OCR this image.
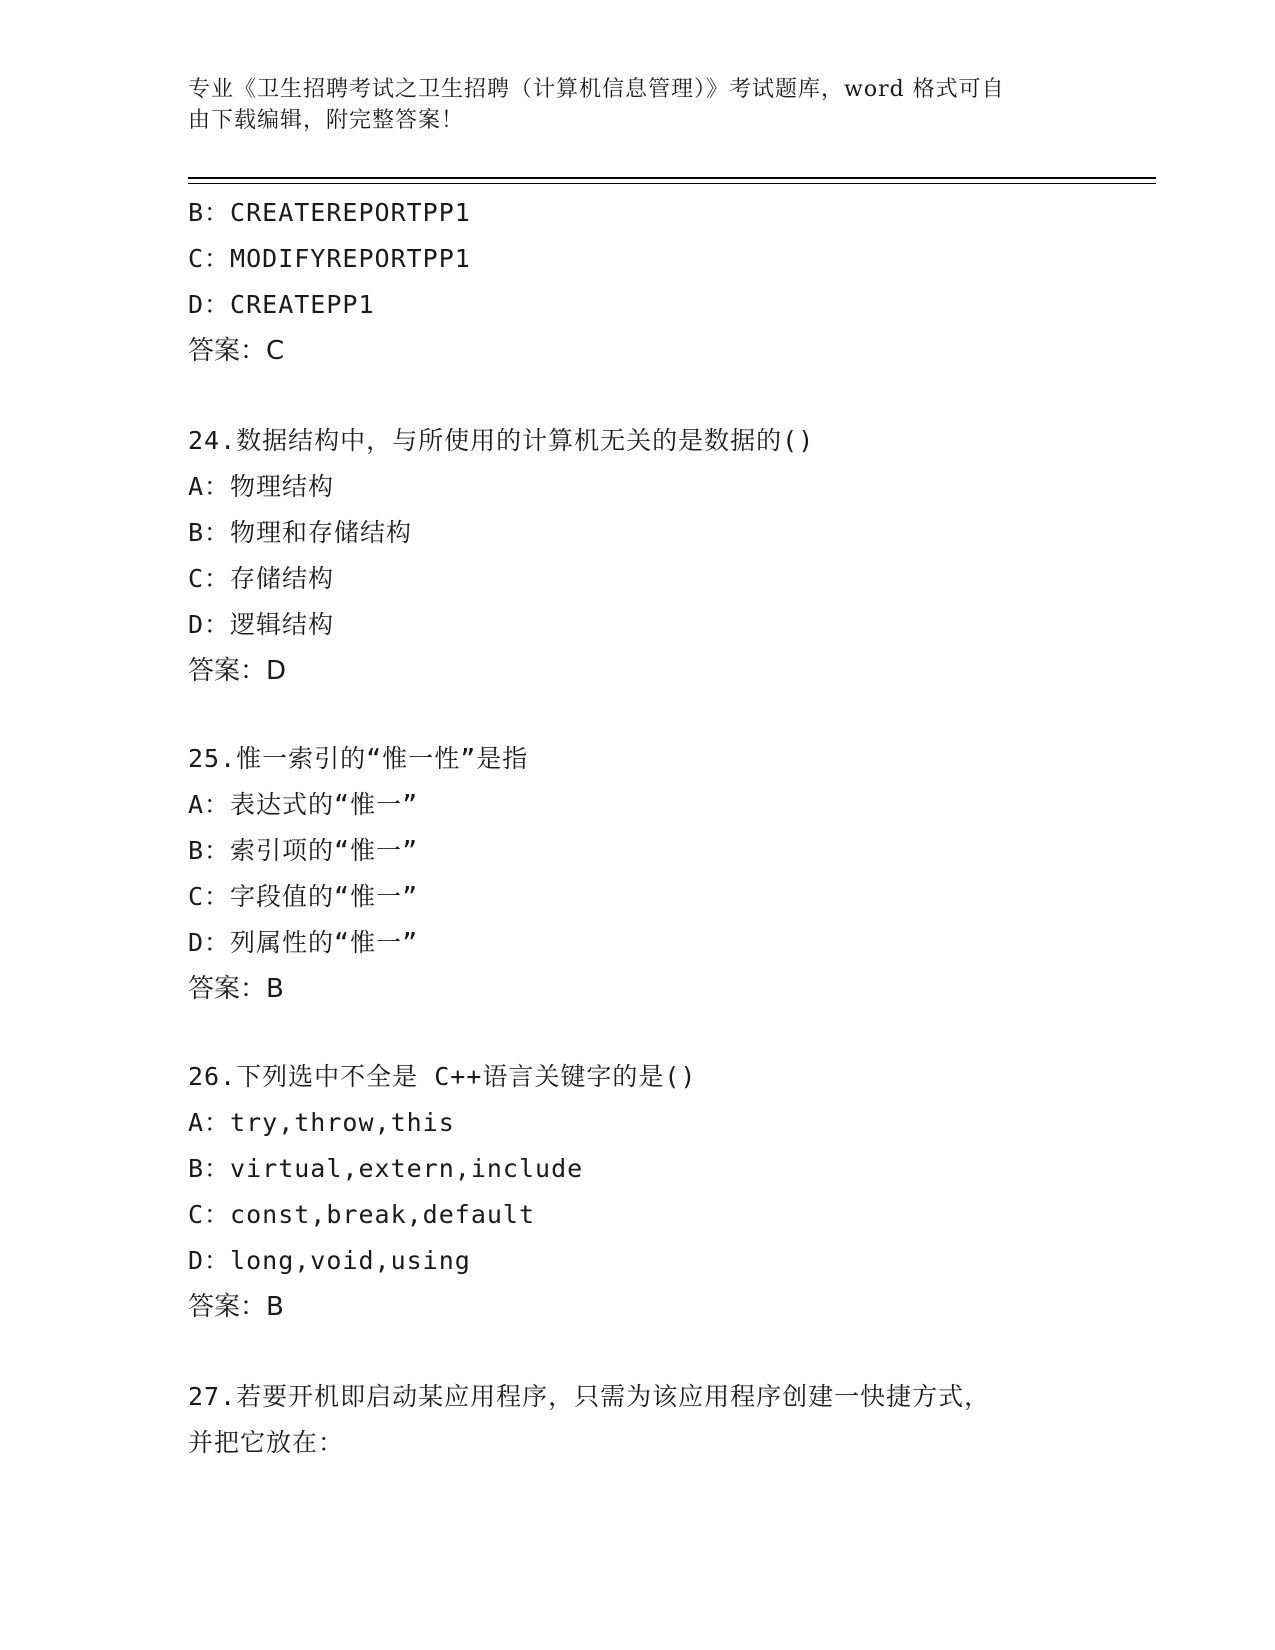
专业《卫生招聘考试之卫生招聘（计算机信息管理）》考试题库，word 格式可自
由下载编辑，附完整答案！
B：CREATEREPORTPP1
C：MODIFYREPORTPP1
D：CREATEPP1
答案：C
24.数据结构中，与所使用的计算机无关的是数据的()
A：物理结构
B：物理和存储结构
C：存储结构
D：逻辑结构
答案：D
25.惟一索引的“惟一性”是指
A：表达式的“惟一”
B：索引项的“惟一”
C：字段值的“惟一”
D：列属性的“惟一”
答案：B
26.下列选中不全是 C++语言关键字的是()
A：try,throw,this
B：virtual,extern,include
C：const,break,default
D：long,void,using
答案：B
27.若要开机即启动某应用程序，只需为该应用程序创建一快捷方式，
并把它放在：
